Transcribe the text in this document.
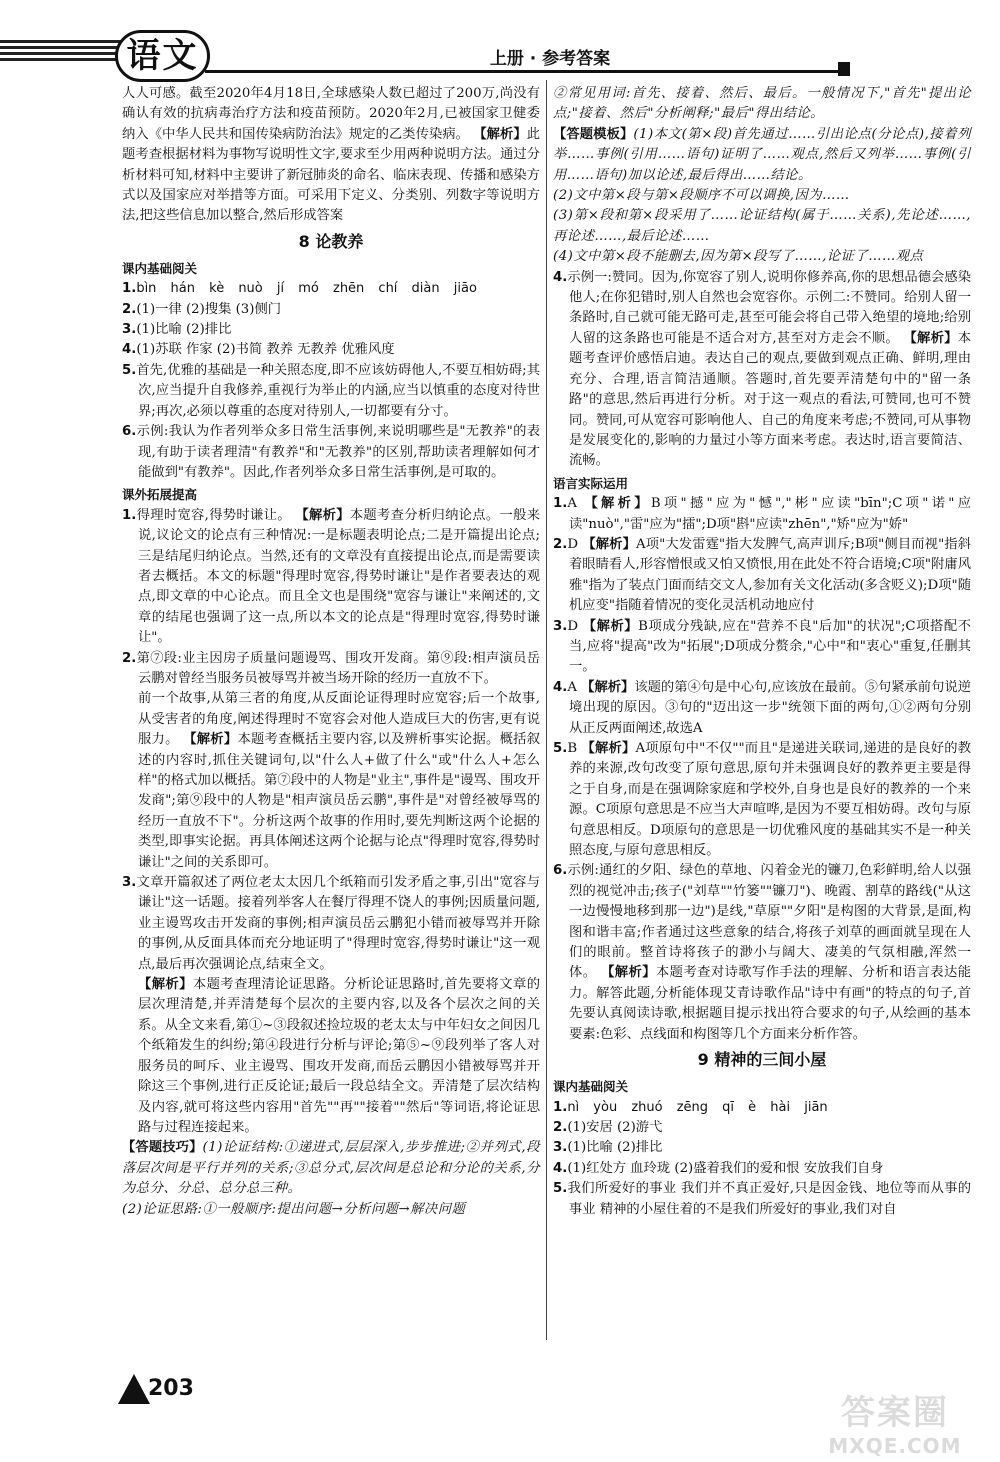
语文	上册 · 参考答案

人人可感。截至2020年4月18日,全球感染人数已超过了200万,尚没有确认有效的抗病毒治疗方法和疫苗预防。2020年2月,已被国家卫健委纳入《中华人民共和国传染病防治法》规定的乙类传染病。 【解析】此题考查根据材料为事物写说明性文字,要求至少用两种说明方法。通过分析材料可知,材料中主要讲了新冠肺炎的命名、临床表现、传播和感染方式以及国家应对举措等方面。可采用下定义、分类别、列数字等说明方法,把这些信息加以整合,然后形成答案

8 论教养
课内基础阅关

1.bìn hán kè nuò jí mó zhēn chí diàn jiāo

2.(1)一律 (2)搜集 (3)侧门

3.(1)比喻 (2)排比

4.(1)苏联 作家 (2)书简 教养 无教养 优雅风度

5.首先,优雅的基础是一种关照态度,即不应该妨碍他人,不要互相妨碍;其次,应当提升自我修养,重视行为举止的内涵,应当以慎重的态度对待世界;再次,必须以尊重的态度对待别人,一切都要有分寸。

6.示例:我认为作者列举众多日常生活事例,来说明哪些是"无教养"的表现,有助于读者理清"有教养"和"无教养"的区别,帮助读者理解如何才能做到"有教养"。因此,作者列举众多日常生活事例,是可取的。

课外拓展提高

1.得理时宽容,得势时谦让。 【解析】本题考查分析归纳论点。一般来说,议论文的论点有三种情况:一是标题表明论点;二是开篇提出论点;三是结尾归纳论点。当然,还有的文章没有直接提出论点,而是需要读者去概括。本文的标题"得理时宽容,得势时谦让"是作者要表达的观点,即文章的中心论点。而且全文也是围绕"宽容与谦让"来阐述的,文章的结尾也强调了这一点,所以本文的论点是"得理时宽容,得势时谦让"。

2.第⑦段:业主因房子质量问题谩骂、围攻开发商。第⑨段:相声演员岳云鹏对曾经当服务员被辱骂并被当场开除的经历一直放不下。

前一个故事,从第三者的角度,从反面论证得理时应宽容;后一个故事,从受害者的角度,阐述得理时不宽容会对他人造成巨大的伤害,更有说服力。 【解析】本题考查概括主要内容,以及辨析事实论据。概括叙述的内容时,抓住关键词句,以"什么人+做了什么"或"什么人+怎么样"的格式加以概括。第⑦段中的人物是"业主",事件是"谩骂、围攻开发商";第⑨段中的人物是"相声演员岳云鹏",事件是"对曾经被辱骂的经历一直放不下"。分析这两个故事的作用时,要先判断这两个论据的类型,即事实论据。再具体阐述这两个论据与论点"得理时宽容,得势时谦让"之间的关系即可。

3.文章开篇叙述了两位老太太因几个纸箱而引发矛盾之事,引出"宽容与谦让"这一话题。接着列举客人在餐厅得理不饶人的事例;因质量问题,业主谩骂攻击开发商的事例;相声演员岳云鹏犯小错而被辱骂并开除的事例,从反面具体而充分地证明了"得理时宽容,得势时谦让"这一观点,最后再次强调论点,结束全文。

【解析】本题考查理清论证思路。分析论证思路时,首先要将文章的层次理清楚,并弄清楚每个层次的主要内容,以及各个层次之间的关系。从全文来看,第①~③段叙述捡垃圾的老太太与中年妇女之间因几个纸箱发生的纠纷;第④段进行分析与评论;第⑤~⑨段列举了客人对服务员的呵斥、业主谩骂、围攻开发商,而岳云鹏因小错被辱骂并开除这三个事例,进行正反论证;最后一段总结全文。弄清楚了层次结构及内容,就可将这些内容用"首先""再""接着""然后"等词语,将论证思路与过程连接起来。

【答题技巧】(1)论证结构:①递进式,层层深入,步步推进;②并列式,段落层次间是平行并列的关系;③总分式,层次间是总论和分论的关系,分为总分、分总、总分总三种。

(2)论证思路:①一般顺序:提出问题→分析问题→解决问题

②常见用词:首先、接着、然后、最后。一般情况下,"首先"提出论点;"接着、然后"分析阐释;"最后"得出结论。

【答题模板】(1)本文(第×段)首先通过……引出论点(分论点),接着列举……事例(引用……语句)证明了……观点,然后又列举……事例(引用……语句)加以论述,最后得出……结论。

(2)文中第×段与第×段顺序不可以调换,因为……

(3)第×段和第×段采用了……论证结构(属于……关系),先论述……,再论述……,最后论述……

(4)文中第×段不能删去,因为第×段写了……,论证了……观点

4.示例一:赞同。因为,你宽容了别人,说明你修养高,你的思想品德会感染他人;在你犯错时,别人自然也会宽容你。示例二:不赞同。给别人留一条路时,自己就可能无路可走,甚至可能会将自己带入绝望的境地;给别人留的这条路也可能是不适合对方,甚至对方走会不顺。 【解析】本题考查评价感悟启迪。表达自己的观点,要做到观点正确、鲜明,理由充分、合理,语言简洁通顺。答题时,首先要弄清楚句中的"留一条路"的意思,然后再进行分析。对于这一观点的看法,可赞同,也可不赞同。赞同,可从宽容可影响他人、自己的角度来考虑;不赞同,可从事物是发展变化的,影响的力量过小等方面来考虑。表达时,语言要简洁、流畅。

语言实际运用

1.A 【解析】B项"撼"应为"憾","彬"应读"bīn";C项"诺"应读"nuò","雷"应为"擂";D项"斟"应读"zhēn","矫"应为"娇"

2.D 【解析】A项"大发雷霆"指大发脾气,高声训斥;B项"侧目而视"指斜着眼睛看人,形容憎恨或又怕又愤恨,用在此处不符合语境;C项"附庸风雅"指为了装点门面而结交文人,参加有关文化活动(多含贬义);D项"随机应变"指随着情况的变化灵活机动地应付

3.D 【解析】B项成分残缺,应在"营养不良"后加"的状况";C项搭配不当,应将"提高"改为"拓展";D项成分赘余,"心中"和"衷心"重复,任删其一。

4.A 【解析】该题的第④句是中心句,应该放在最前。⑤句紧承前句说逆境出现的原因。③句的"迈出这一步"统领下面的两句,①②两句分别从正反两面阐述,故选A

5.B 【解析】A项原句中"不仅""而且"是递进关联词,递进的是良好的教养的来源,改句改变了原句意思,原句并未强调良好的教养更主要是得之于自身,而是在强调除家庭和学校外,自身也是良好的教养的一个来源。C项原句意思是不应当大声喧哗,是因为不要互相妨碍。改句与原句意思相反。D项原句的意思是一切优雅风度的基础其实不是一种关照态度,与原句意思相反。

6.示例:通红的夕阳、绿色的草地、闪着金光的镰刀,色彩鲜明,给人以强烈的视觉冲击;孩子("刘草""竹篓""镰刀")、晚霞、割草的路线("从这一边慢慢地移到那一边")是线,"草原""夕阳"是构图的大背景,是面,构图和谐丰富;作者通过这些意象的结合,将孩子刘草的画面就呈现在人们的眼前。整首诗将孩子的渺小与阔大、凄美的气氛相融,浑然一体。 【解析】本题考查对诗歌写作手法的理解、分析和语言表达能力。解答此题,分析能体现艾青诗歌作品"诗中有画"的特点的句子,首先要认真阅读诗歌,根据题目提示找出符合要求的句子,从绘画的基本要素:色彩、点线面和构图等几个方面来分析作答。

9 精神的三间小屋
课内基础阅关

1.nì yòu zhuó zēng qī è hài jiān

2.(1)安居 (2)游弋

3.(1)比喻 (2)排比

4.(1)红处方 血玲珑 (2)盛着我们的爱和恨 安放我们自身

5.我们所爱好的事业 我们并不真正爱好,只是因金钱、地位等而从事的事业 精神的小屋住着的不是我们所爱好的事业,我们对自

203
答案圈
MXQE.COM
